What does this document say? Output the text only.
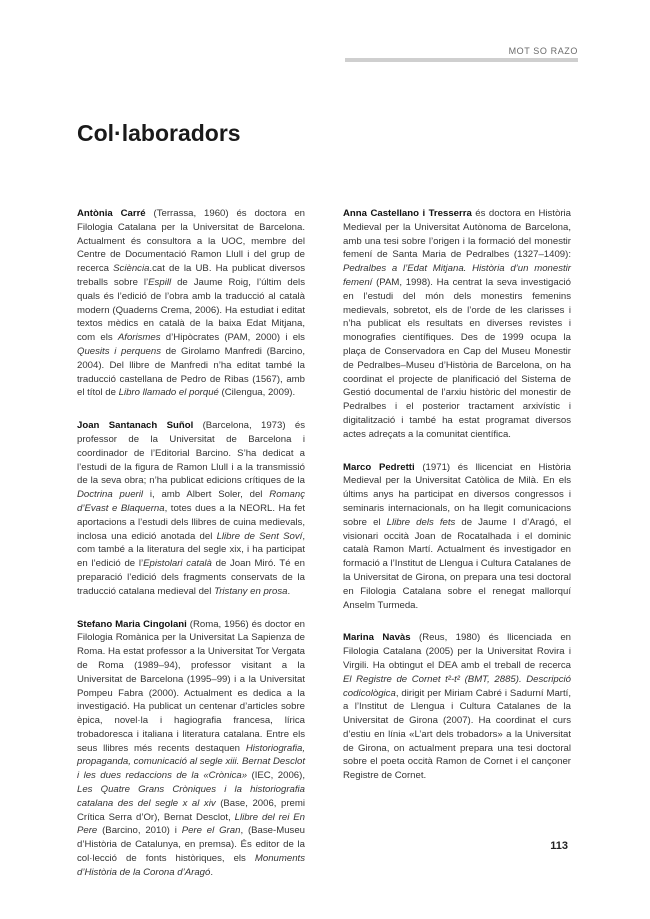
MOT SO RAZO
Col·laboradors

Antònia Carré (Terrassa, 1960) és doctora en Filologia Catalana per la Universitat de Barcelona. Actualment és consultora a la UOC, membre del Centre de Documentació Ramon Llull i del grup de recerca Sciència.cat de la UB. Ha publicat diversos treballs sobre l’Espill de Jaume Roig, l’últim dels quals és l’edició de l’obra amb la traducció al català modern (Quaderns Crema, 2006). Ha estudiat i editat textos mèdics en català de la baixa Edat Mitjana, com els Aforismes d’Hipòcrates (PAM, 2000) i els Quesits i perquens de Girolamo Manfredi (Barcino, 2004). Del llibre de Manfredi n’ha editat també la traducció castellana de Pedro de Ribas (1567), amb el títol de Libro llamado el porqué (Cilengua, 2009).

Joan Santanach Suñol (Barcelona, 1973) és professor de la Universitat de Barcelona i coordinador de l’Editorial Barcino. S’ha dedicat a l’estudi de la figura de Ramon Llull i a la transmissió de la seva obra; n’ha publicat edicions crítiques de la Doctrina pueril i, amb Albert Soler, del Romanç d’Evast e Blaquerna, totes dues a la NEORL. Ha fet aportacions a l’estudi dels llibres de cuina medievals, inclosa una edició anotada del Llibre de Sent Soví, com també a la literatura del segle xix, i ha participat en l’edició de l’Epistolari català de Joan Miró. Té en preparació l’edició dels fragments conservats de la traducció catalana medieval del Tristany en prosa.

Stefano Maria Cingolani (Roma, 1956) és doctor en Filologia Romànica per la Universitat La Sapienza de Roma. Ha estat professor a la Universitat Tor Vergata de Roma (1989–94), professor visitant a la Universitat de Barcelona (1995–99) i a la Universitat Pompeu Fabra (2000). Actualment es dedica a la investigació. Ha publicat un centenar d’articles sobre èpica, novel·la i hagiografia francesa, lírica trobadoresca i italiana i literatura catalana. Entre els seus llibres més recents destaquen Historiografia, propaganda, comunicació al segle xiii. Bernat Desclot i les dues redaccions de la «Crònica» (IEC, 2006), Les Quatre Grans Cròniques i la historiografia catalana des del segle x al xiv (Base, 2006, premi Crítica Serra d’Or), Bernat Desclot, Llibre del rei En Pere (Barcino, 2010) i Pere el Gran, (Base-Museu d’Història de Catalunya, en premsa). És editor de la col·lecció de fonts històriques, els Monuments d’Història de la Corona d’Aragó.

Anna Castellano i Tresserra és doctora en Història Medieval per la Universitat Autònoma de Barcelona, amb una tesi sobre l’origen i la formació del monestir femení de Santa Maria de Pedralbes (1327–1409): Pedralbes a l’Edat Mitjana. Història d’un monestir femení (PAM, 1998). Ha centrat la seva investigació en l’estudi del món dels monestirs femenins medievals, sobretot, els de l’orde de les clarisses i n’ha publicat els resultats en diverses revistes i monografies científiques. Des de 1999 ocupa la plaça de Conservadora en Cap del Museu Monestir de Pedralbes–Museu d’Història de Barcelona, on ha coordinat el projecte de planificació del Sistema de Gestió documental de l’arxiu històric del monestir de Pedralbes i el posterior tractament arxivístic i digitalització i també ha estat programat diversos actes adreçats a la comunitat científica.

Marco Pedretti (1971) és llicenciat en Història Medieval per la Universitat Catòlica de Milà. En els últims anys ha participat en diversos congressos i seminaris internacionals, on ha llegit comunicacions sobre el Llibre dels fets de Jaume I d’Aragó, el visionari occità Joan de Rocatalhada i el dominic català Ramon Martí. Actualment és investigador en formació a l’Institut de Llengua i Cultura Catalanes de la Universitat de Girona, on prepara una tesi doctoral en Filologia Catalana sobre el renegat mallorquí Anselm Turmeda.

Marina Navàs (Reus, 1980) és llicenciada en Filologia Catalana (2005) per la Universitat Rovira i Virgili. Ha obtingut el DEA amb el treball de recerca El Registre de Cornet t²-t² (BMT, 2885). Descripció codicològica, dirigit per Miriam Cabré i Sadurní Martí, a l’Institut de Llengua i Cultura Catalanes de la Universitat de Girona (2007). Ha coordinat el curs d’estiu en línia «L’art dels trobadors» a la Universitat de Girona, on actualment prepara una tesi doctoral sobre el poeta occità Ramon de Cornet i el cançoner Registre de Cornet.

113
